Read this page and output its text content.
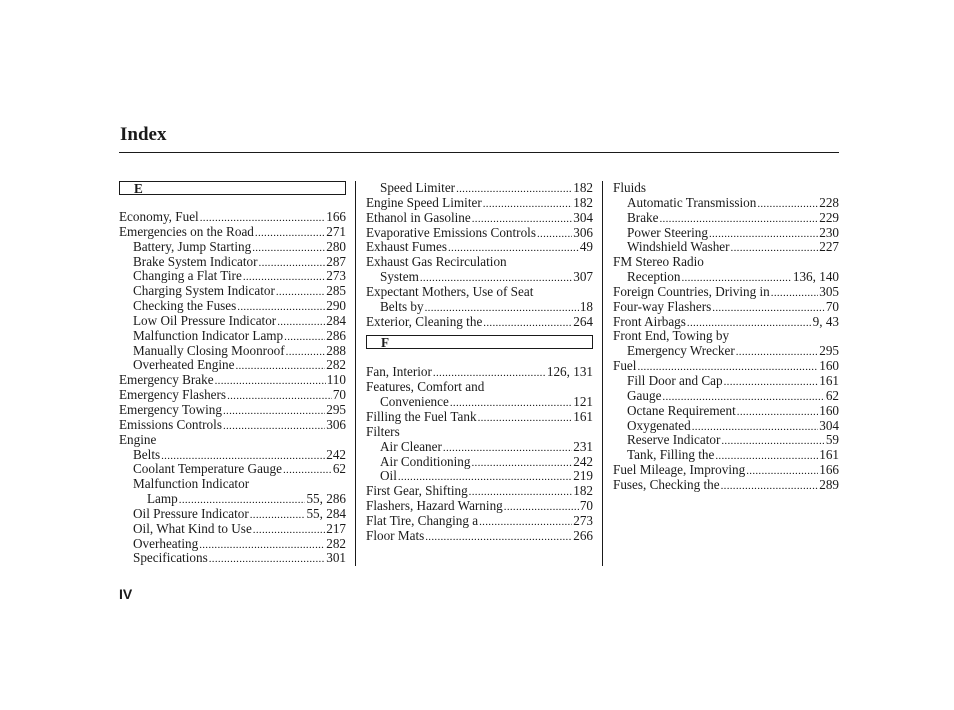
Index
E
Economy, Fuel .....	166
Emergencies on the Road .....	271
Battery, Jump Starting .....	280
Brake System Indicator .....	287
Changing a Flat Tire .....	273
Charging System Indicator .....	285
Checking the Fuses .....	290
Low Oil Pressure Indicator .....	284
Malfunction Indicator Lamp .....	286
Manually Closing Moonroof .....	288
Overheated Engine .....	282
Emergency Brake .....	110
Emergency Flashers .....	70
Emergency Towing .....	295
Emissions Controls .....	306
Engine
Belts .....	242
Coolant Temperature Gauge .....	62
Malfunction Indicator
Lamp .....	55, 286
Oil Pressure Indicator .....	55, 284
Oil, What Kind to Use .....	217
Overheating .....	282
Specifications .....	301
Speed Limiter .....	182
Engine Speed Limiter .....	182
Ethanol in Gasoline .....	304
Evaporative Emissions Controls .....	306
Exhaust Fumes .....	49
Exhaust Gas Recirculation
System .....	307
Expectant Mothers, Use of Seat
Belts by .....	18
Exterior, Cleaning the .....	264
F
Fan, Interior .....	126, 131
Features, Comfort and
Convenience .....	121
Filling the Fuel Tank .....	161
Filters
Air Cleaner .....	231
Air Conditioning .....	242
Oil .....	219
First Gear, Shifting .....	182
Flashers, Hazard Warning .....	70
Flat Tire, Changing a .....	273
Floor Mats .....	266
Fluids
Automatic Transmission .....	228
Brake .....	229
Power Steering .....	230
Windshield Washer .....	227
FM Stereo Radio
Reception .....	136, 140
Foreign Countries, Driving in .....	305
Four-way Flashers .....	70
Front Airbags .....	9, 43
Front End, Towing by
Emergency Wrecker .....	295
Fuel .....	160
Fill Door and Cap .....	161
Gauge .....	62
Octane Requirement .....	160
Oxygenated .....	304
Reserve Indicator .....	59
Tank, Filling the .....	161
Fuel Mileage, Improving .....	166
Fuses, Checking the .....	289
IV
